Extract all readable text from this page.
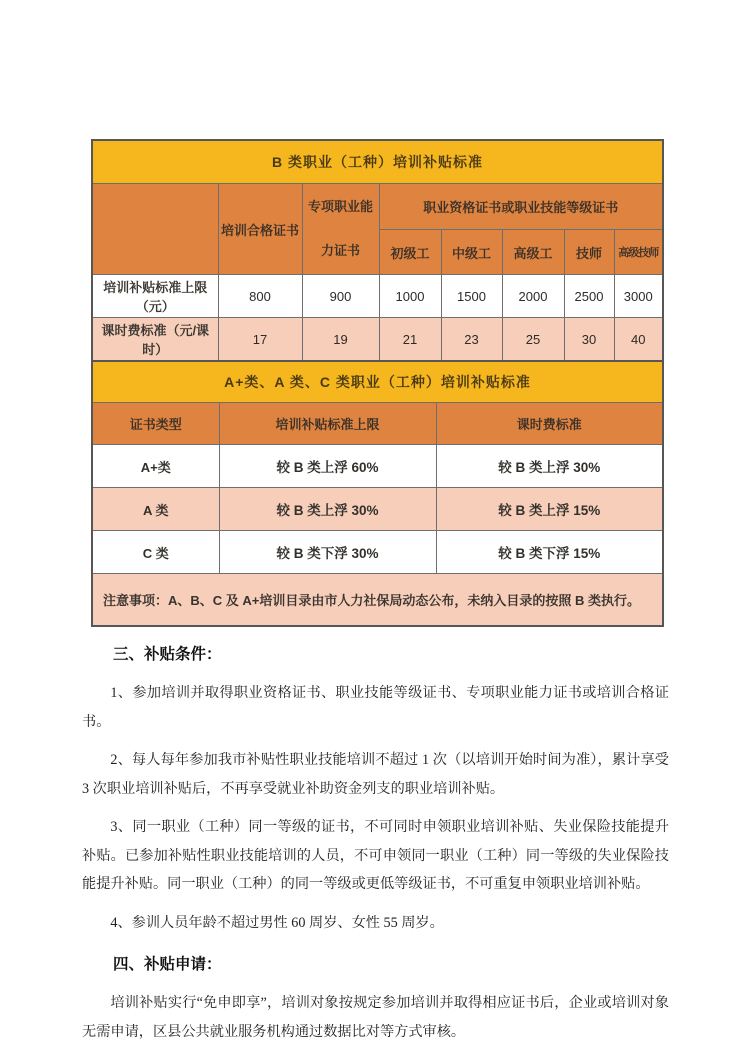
B 类职业（工种）培训补贴标准							
	培训合格证书	专项职业能
力证书	职业资格证书或职业技能等级证书				
			初级工	中级工	高级工	技师	高级技师
培训补贴标准上限（元）	800	900	1000	1500	2000	2500	3000
课时费标准（元/课时）	17	19	21	23	25	30	40
A+类、A 类、C 类职业（工种）培训补贴标准		
证书类型	培训补贴标准上限	课时费标准
A+类	较 B 类上浮 60%	较 B 类上浮 30%
A 类	较 B 类上浮 30%	较 B 类上浮 15%
C 类	较 B 类下浮 30%	较 B 类下浮 15%
注意事项：A、B、C 及 A+培训目录由市人力社保局动态公布，未纳入目录的按照 B 类执行。		
三、补贴条件：

1、参加培训并取得职业资格证书、职业技能等级证书、专项职业能力证书或培训合格证书。

2、每人每年参加我市补贴性职业技能培训不超过 1 次（以培训开始时间为准），累计享受 3 次职业培训补贴后，不再享受就业补助资金列支的职业培训补贴。

3、同一职业（工种）同一等级的证书，不可同时申领职业培训补贴、失业保险技能提升补贴。已参加补贴性职业技能培训的人员，不可申领同一职业（工种）同一等级的失业保险技能提升补贴。同一职业（工种）的同一等级或更低等级证书，不可重复申领职业培训补贴。

4、参训人员年龄不超过男性 60 周岁、女性 55 周岁。

四、补贴申请：

培训补贴实行“免申即享”，培训对象按规定参加培训并取得相应证书后，企业或培训对象无需申请，区县公共就业服务机构通过数据比对等方式审核。
